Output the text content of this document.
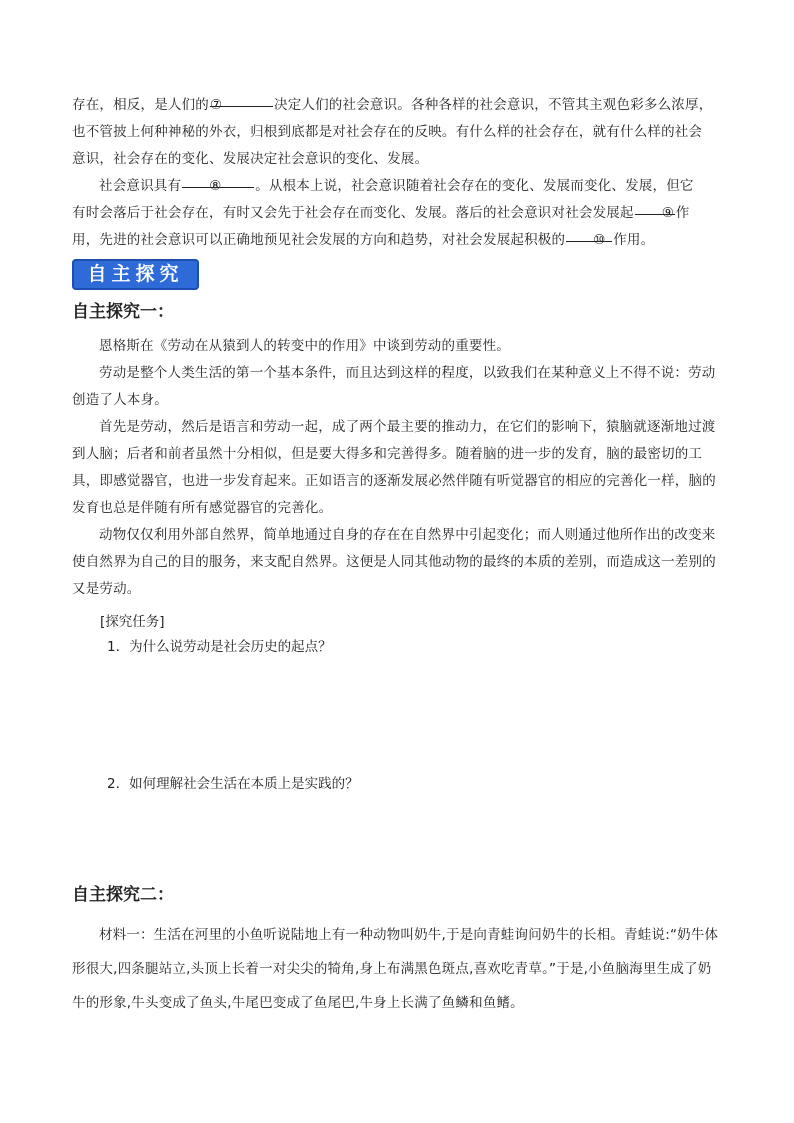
存在，相反，是人们的⑦	决定人们的社会意识。各种各样的社会意识，不管其主观色彩多么浓厚，
也不管披上何种神秘的外衣，归根到底都是对社会存在的反映。有什么样的社会存在，就有什么样的社会
意识，社会存在的变化、发展决定社会意识的变化、发展。

社会意识具有 ⑧ 。从根本上说，社会意识随着社会存在的变化、发展而变化、发展，但它
有时会落后于社会存在，有时又会先于社会存在而变化、发展。落后的社会意识对社会发展起 ⑨ 作
用，先进的社会意识可以正确地预见社会发展的方向和趋势，对社会发展起积极的 ⑩ 作用。

自主探究

自主探究一：

恩格斯在《劳动在从猿到人的转变中的作用》中谈到劳动的重要性。

劳动是整个人类生活的第一个基本条件，而且达到这样的程度，以致我们在某种意义上不得不说：劳动创造了人本身。

首先是劳动，然后是语言和劳动一起，成了两个最主要的推动力，在它们的影响下，猿脑就逐渐地过渡到人脑；后者和前者虽然十分相似，但是要大得多和完善得多。随着脑的进一步的发育，脑的最密切的工具，即感觉器官，也进一步发育起来。正如语言的逐渐发展必然伴随有听觉器官的相应的完善化一样，脑的发育也总是伴随有所有感觉器官的完善化。

动物仅仅利用外部自然界，简单地通过自身的存在在自然界中引起变化；而人则通过他所作出的改变来使自然界为自己的目的服务，来支配自然界。这便是人同其他动物的最终的本质的差别，而造成这一差别的又是劳动。

[探究任务]

1．为什么说劳动是社会历史的起点？

2．如何理解社会生活在本质上是实践的？

自主探究二：

材料一：生活在河里的小鱼听说陆地上有一种动物叫奶牛,于是向青蛙询问奶牛的长相。青蛙说:“奶牛体形很大,四条腿站立,头顶上长着一对尖尖的犄角,身上布满黑色斑点,喜欢吃青草。”于是,小鱼脑海里生成了奶牛的形象,牛头变成了鱼头,牛尾巴变成了鱼尾巴,牛身上长满了鱼鳞和鱼鳍。
